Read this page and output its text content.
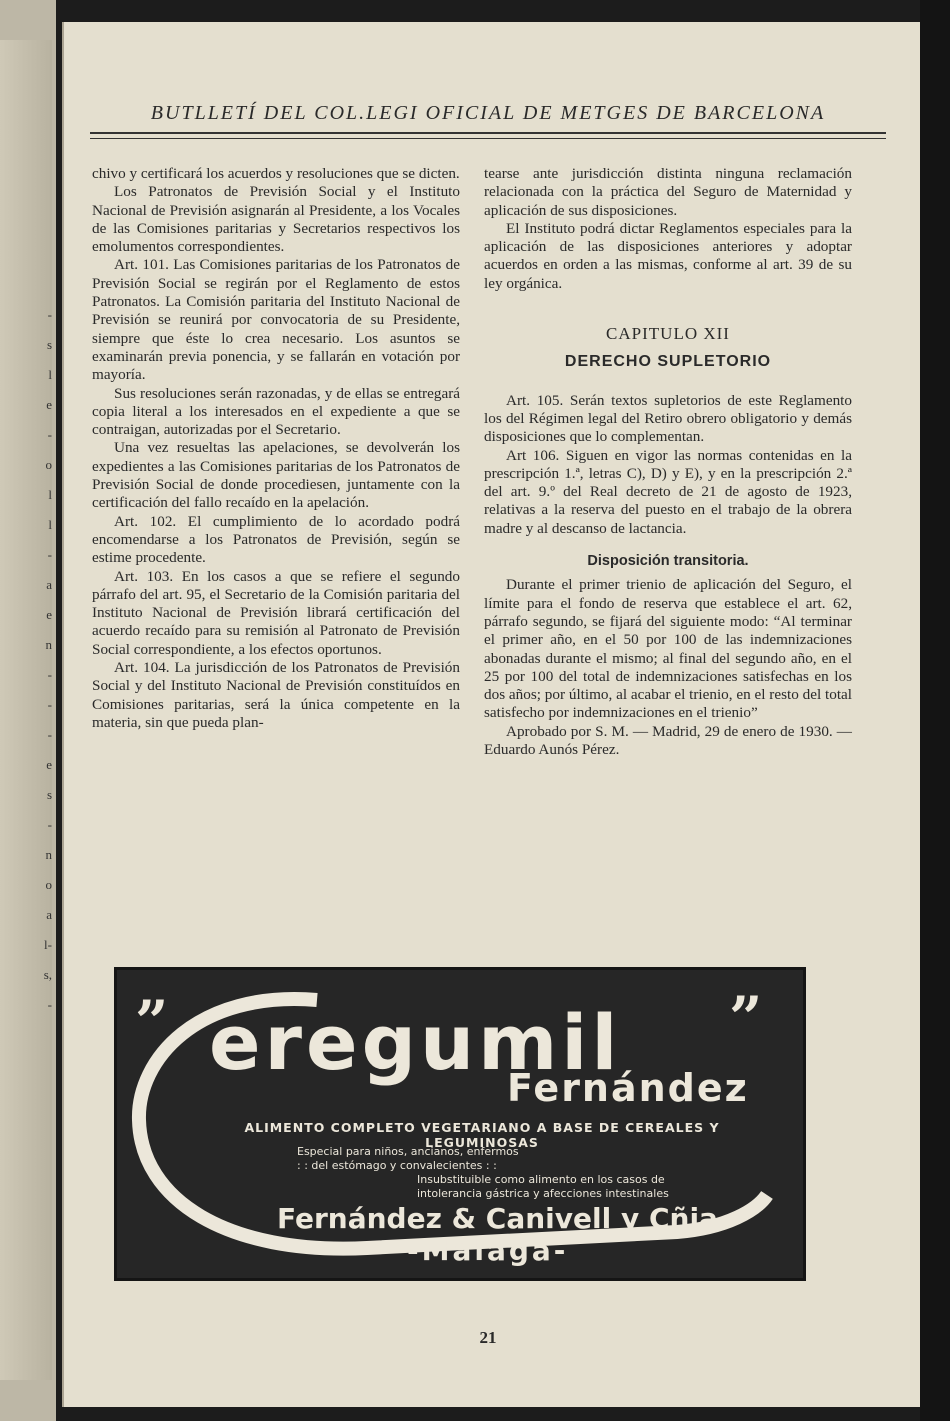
-
s
l
e
-
o
l
l
-
a
e
n
-
-
-
e
s
-
n
o
a
l-
s,
-
BUTLLETÍ DEL COL.LEGI OFICIAL DE METGES DE BARCELONA

chivo y certificará los acuerdos y resoluciones que se dicten.

Los Patronatos de Previsión Social y el Instituto Nacional de Previsión asignarán al Presidente, a los Vocales de las Comisiones paritarias y Secretarios respectivos los emolumentos correspondientes.

Art. 101. Las Comisiones paritarias de los Patronatos de Previsión Social se regirán por el Reglamento de estos Patronatos. La Comisión paritaria del Instituto Nacional de Previsión se reunirá por convocatoria de su Presidente, siempre que éste lo crea necesario. Los asuntos se examinarán previa ponencia, y se fallarán en votación por mayoría.

Sus resoluciones serán razonadas, y de ellas se entregará copia literal a los interesados en el expediente a que se contraigan, autorizadas por el Secretario.

Una vez resueltas las apelaciones, se devolverán los expedientes a las Comisiones paritarias de los Patronatos de Previsión Social de donde procediesen, juntamente con la certificación del fallo recaído en la apelación.

Art. 102. El cumplimiento de lo acordado podrá encomendarse a los Patronatos de Previsión, según se estime procedente.

Art. 103. En los casos a que se refiere el segundo párrafo del art. 95, el Secretario de la Comisión paritaria del Instituto Nacional de Previsión librará certificación del acuerdo recaído para su remisión al Patronato de Previsión Social correspondiente, a los efectos oportunos.

Art. 104. La jurisdicción de los Patronatos de Previsión Social y del Instituto Nacional de Previsión constituídos en Comisiones paritarias, será la única competente en la materia, sin que pueda plan-

tearse ante jurisdicción distinta ninguna reclamación relacionada con la práctica del Seguro de Maternidad y aplicación de sus disposiciones.

El Instituto podrá dictar Reglamentos especiales para la aplicación de las disposiciones anteriores y adoptar acuerdos en orden a las mismas, conforme al art. 39 de su ley orgánica.

CAPITULO XII
DERECHO SUPLETORIO

Art. 105. Serán textos supletorios de este Reglamento los del Régimen legal del Retiro obrero obligatorio y demás disposiciones que lo complementan.

Art 106. Siguen en vigor las normas contenidas en la prescripción 1.ª, letras C), D) y E), y en la prescripción 2.ª del art. 9.º del Real decreto de 21 de agosto de 1923, relativas a la reserva del puesto en el trabajo de la obrera madre y al descanso de lactancia.

Disposición transitoria.

Durante el primer trienio de aplicación del Seguro, el límite para el fondo de reserva que establece el art. 62, párrafo segundo, se fijará del siguiente modo: “Al terminar el primer año, en el 50 por 100 de las indemnizaciones abonadas durante el mismo; al final del segundo año, en el 25 por 100 del total de indemnizaciones satisfechas en los dos años; por último, al acabar el trienio, en el resto del total satisfecho por indemnizaciones en el trienio”

Aprobado por S. M. — Madrid, 29 de enero de 1930. — Eduardo Aunós Pérez.

”	”
eregumil
Fernández
ALIMENTO COMPLETO VEGETARIANO A BASE DE CEREALES Y LEGUMINOSAS
Especial para niños, ancianos, enfermos
: : del estómago y convalecientes : :
Insubstituible como alimento en los casos de
intolerancia gástrica y afecciones intestinales
Fernández & Canivell y Cñia
-Málaga-
21
